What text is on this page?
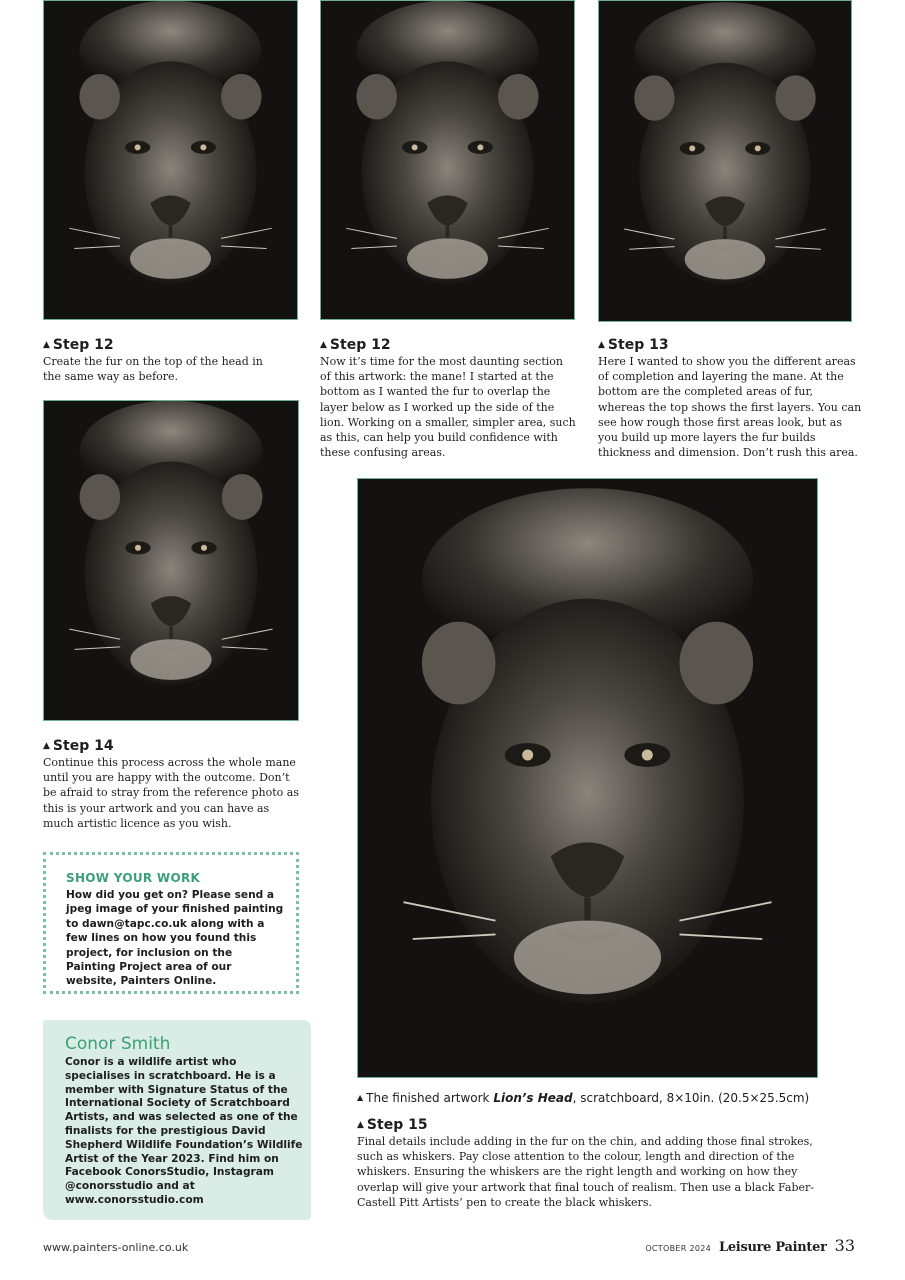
▲ Step 12

Create the fur on the top of the head in the same way as before.

▲ Step 12

Now it’s time for the most daunting section of this artwork: the mane! I started at the bottom as I wanted the fur to overlap the layer below as I worked up the side of the lion. Working on a smaller, simpler area, such as this, can help you build confidence with these confusing areas.

▲ Step 13

Here I wanted to show you the different areas of completion and layering the mane. At the bottom are the completed areas of fur, whereas the top shows the first layers. You can see how rough those first areas look, but as you build up more layers the fur builds thickness and dimension. Don’t rush this area.

▲ Step 14

Continue this process across the whole mane until you are happy with the outcome. Don’t be afraid to stray from the reference photo as this is your artwork and you can have as much artistic licence as you wish.

SHOW YOUR WORK
How did you get on? Please send a jpeg image of your finished painting to dawn@tapc.co.uk along with a few lines on how you found this project, for inclusion on the Painting Project area of our website, Painters Online.
Conor Smith
Conor is a wildlife artist who specialises in scratchboard. He is a member with Signature Status of the International Society of Scratchboard Artists, and was selected as one of the finalists for the prestigious David Shepherd Wildlife Foundation’s Wildlife Artist of the Year 2023. Find him on Facebook ConorsStudio, Instagram @conorsstudio and at www.conorsstudio.com
▲ The finished artwork Lion’s Head, scratchboard, 8×10in. (20.5×25.5cm)
▲ Step 15

Final details include adding in the fur on the chin, and adding those final strokes, such as whiskers. Pay close attention to the colour, length and direction of the whiskers. Ensuring the whiskers are the right length and working on how they overlap will give your artwork that final touch of realism. Then use a black Faber-Castell Pitt Artists’ pen to create the black whiskers.

www.painters-online.co.uk	OCTOBER 2024 Leisure Painter 33
